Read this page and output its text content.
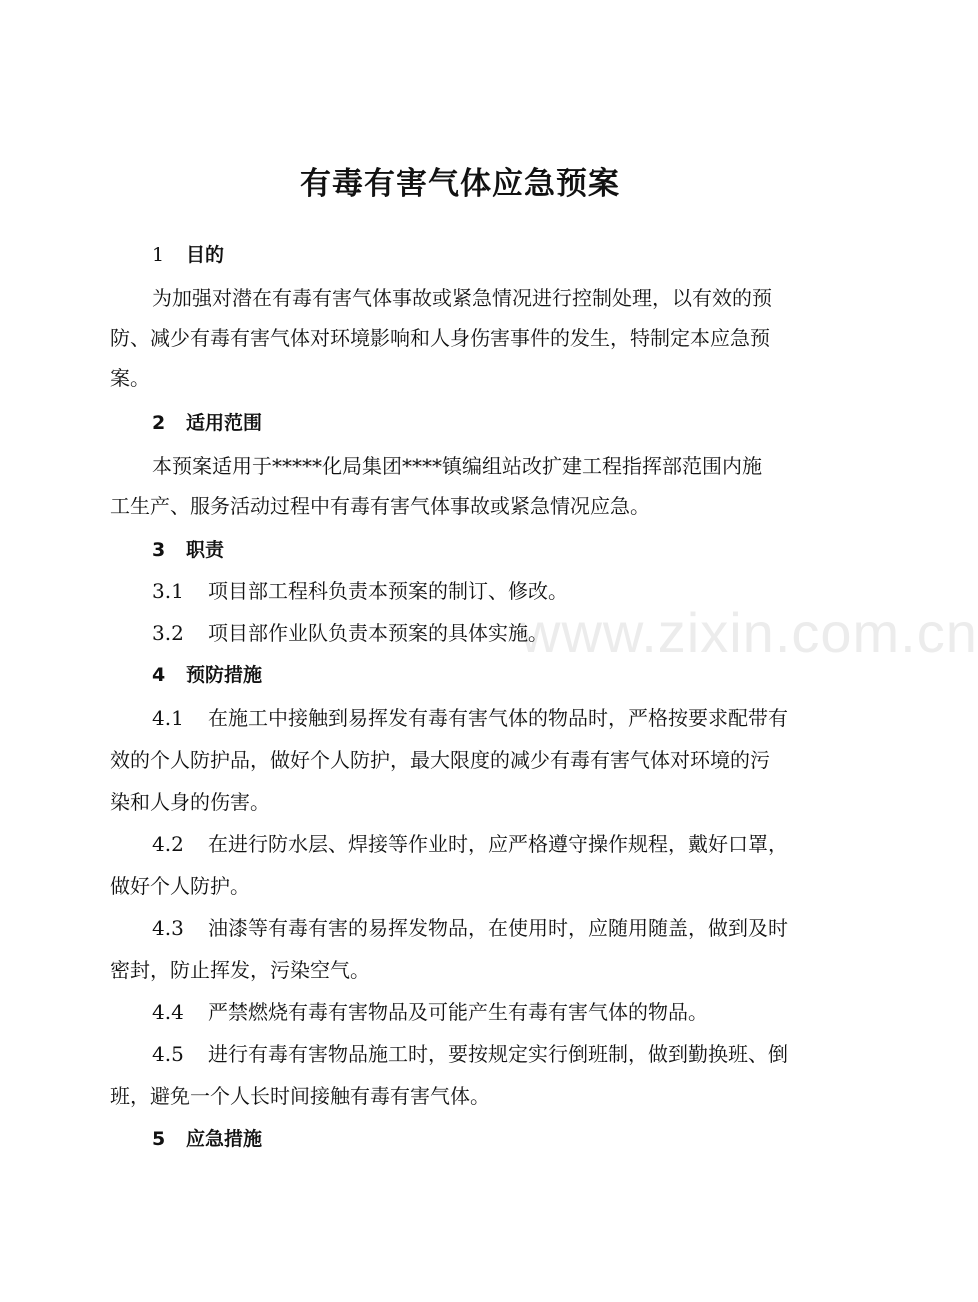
www.zixin.com.cn
有毒有害气体应急预案
1 目的
为加强对潜在有毒有害气体事故或紧急情况进行控制处理，以有效的预
防、减少有毒有害气体对环境影响和人身伤害事件的发生，特制定本应急预
案。
2 适用范围
本预案适用于*****化局集团****镇编组站改扩建工程指挥部范围内施
工生产、服务活动过程中有毒有害气体事故或紧急情况应急。
3 职责
3.1 项目部工程科负责本预案的制订、修改。
3.2 项目部作业队负责本预案的具体实施。
4 预防措施
4.1 在施工中接触到易挥发有毒有害气体的物品时，严格按要求配带有
效的个人防护品，做好个人防护，最大限度的减少有毒有害气体对环境的污
染和人身的伤害。
4.2 在进行防水层、焊接等作业时，应严格遵守操作规程，戴好口罩，
做好个人防护。
4.3 油漆等有毒有害的易挥发物品，在使用时，应随用随盖，做到及时
密封，防止挥发，污染空气。
4.4 严禁燃烧有毒有害物品及可能产生有毒有害气体的物品。
4.5 进行有毒有害物品施工时，要按规定实行倒班制，做到勤换班、倒
班，避免一个人长时间接触有毒有害气体。
5 应急措施
